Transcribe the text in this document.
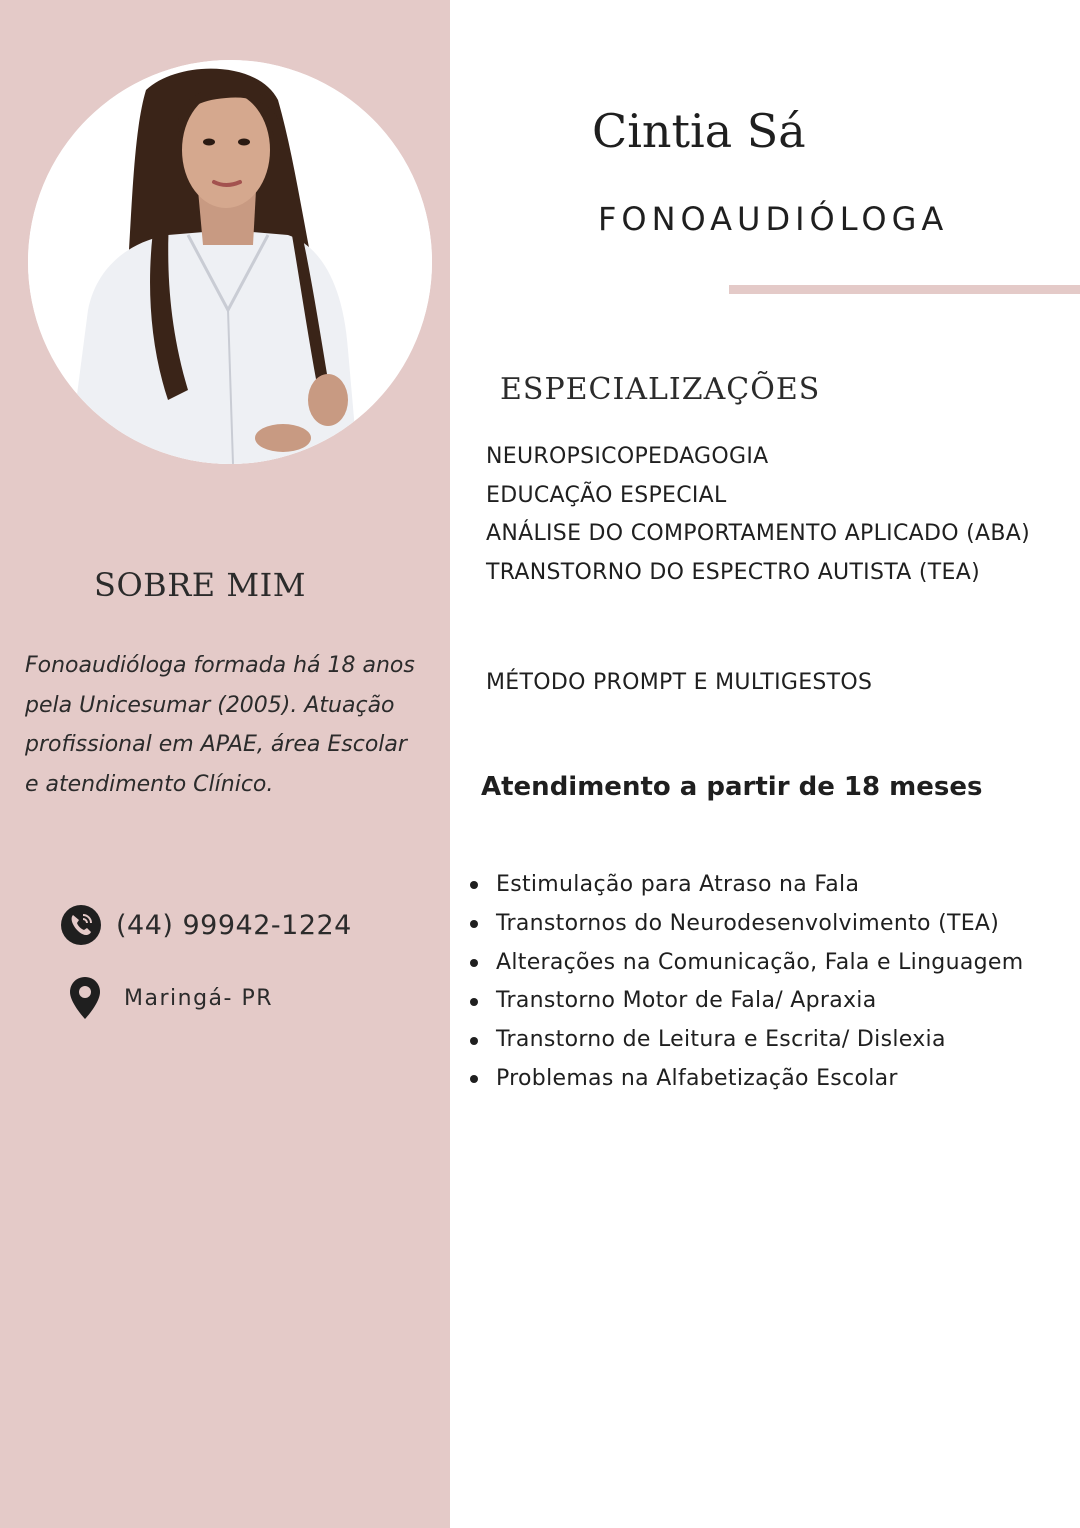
SOBRE MIM
Fonoaudióloga formada há 18 anos
pela Unicesumar (2005). Atuação
profissional em APAE, área Escolar
e atendimento Clínico.
(44) 99942-1224
Maringá- PR
Cintia Sá
FONOAUDIÓLOGA
ESPECIALIZAÇÕES
NEUROPSICOPEDAGOGIA
EDUCAÇÃO ESPECIAL
ANÁLISE DO COMPORTAMENTO APLICADO (ABA)
TRANSTORNO DO ESPECTRO AUTISTA (TEA)
MÉTODO PROMPT E MULTIGESTOS
Atendimento a partir de 18 meses
Estimulação para Atraso na Fala
Transtornos do Neurodesenvolvimento (TEA)
Alterações na Comunicação, Fala e Linguagem
Transtorno Motor de Fala/ Apraxia
Transtorno de Leitura e Escrita/ Dislexia
Problemas na Alfabetização Escolar
